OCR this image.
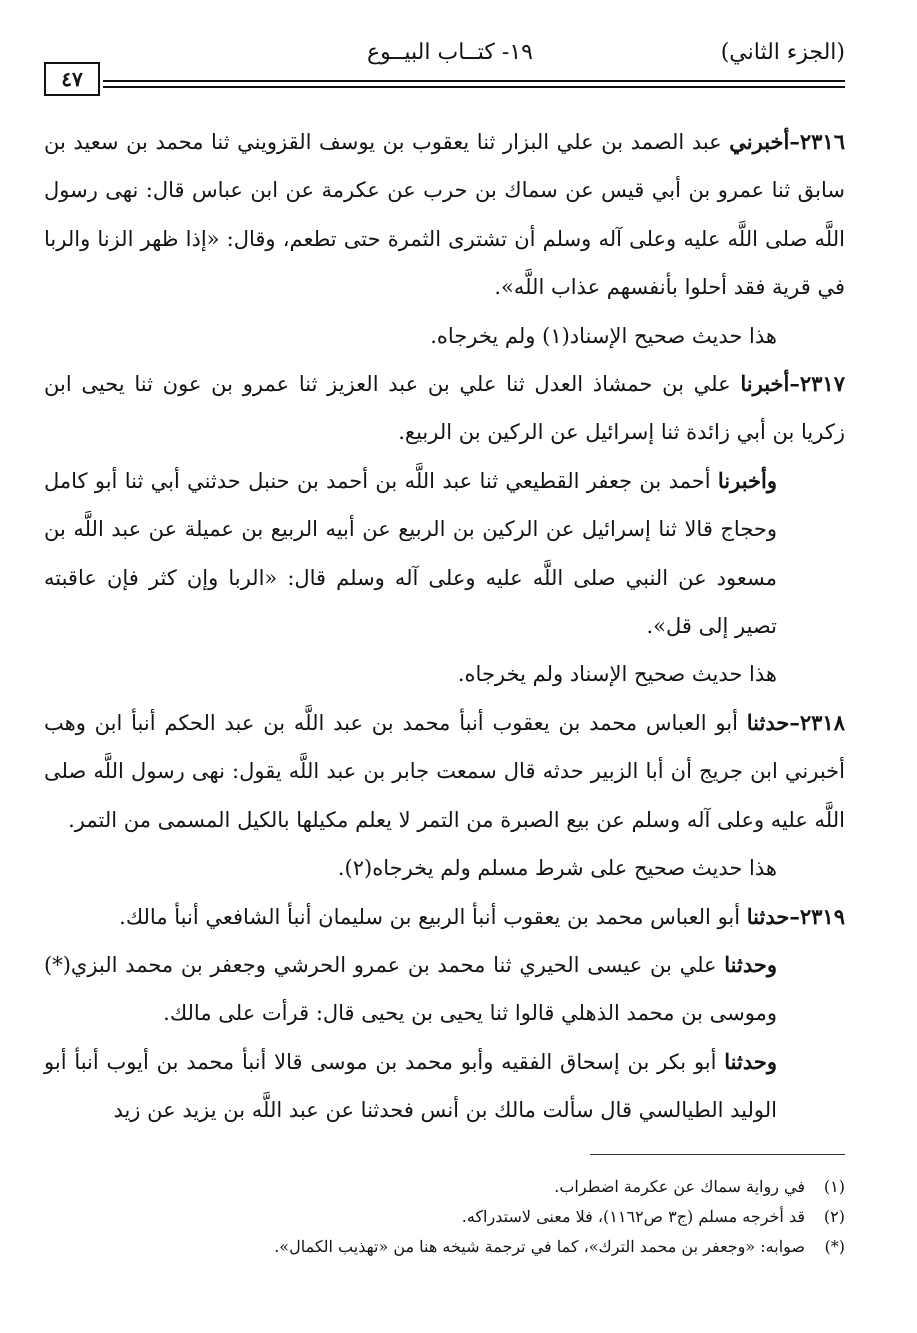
(الجزء الثاني)
١٩- كتــاب البيــوع
٤٧

٢٣١٦–أخبرني عبد الصمد بن علي البزار ثنا يعقوب بن يوسف القزويني ثنا محمد بن سعيد بن سابق ثنا عمرو بن أبي قيس عن سماك بن حرب عن عكرمة عن ابن عباس قال: نهى رسول اللَّه صلى اللَّه عليه وعلى آله وسلم أن تشترى الثمرة حتى تطعم، وقال: «إذا ظهر الزنا والربا في قرية فقد أحلوا بأنفسهم عذاب اللَّه».

هذا حديث صحيح الإسناد(١) ولم يخرجاه.

٢٣١٧–أخبرنا علي بن حمشاذ العدل ثنا علي بن عبد العزيز ثنا عمرو بن عون ثنا يحيى ابن زكريا بن أبي زائدة ثنا إسرائيل عن الركين بن الربيع.

وأخبرنا أحمد بن جعفر القطيعي ثنا عبد اللَّه بن أحمد بن حنبل حدثني أبي ثنا أبو كامل وحجاج قالا ثنا إسرائيل عن الركين بن الربيع عن أبيه الربيع بن عميلة عن عبد اللَّه بن مسعود عن النبي صلى اللَّه عليه وعلى آله وسلم قال: «الربا وإن كثر فإن عاقبته تصير إلى قل».

هذا حديث صحيح الإسناد ولم يخرجاه.

٢٣١٨–حدثنا أبو العباس محمد بن يعقوب أنبأ محمد بن عبد اللَّه بن عبد الحكم أنبأ ابن وهب أخبرني ابن جريج أن أبا الزبير حدثه قال سمعت جابر بن عبد اللَّه يقول: نهى رسول اللَّه صلى اللَّه عليه وعلى آله وسلم عن بيع الصبرة من التمر لا يعلم مكيلها بالكيل المسمى من التمر.

هذا حديث صحيح على شرط مسلم ولم يخرجاه(٢).

٢٣١٩–حدثنا أبو العباس محمد بن يعقوب أنبأ الربيع بن سليمان أنبأ الشافعي أنبأ مالك.

وحدثنا علي بن عيسى الحيري ثنا محمد بن عمرو الحرشي وجعفر بن محمد البزي(*) وموسى بن محمد الذهلي قالوا ثنا يحيى بن يحيى قال: قرأت على مالك.

وحدثنا أبو بكر بن إسحاق الفقيه وأبو محمد بن موسى قالا أنبأ محمد بن أيوب أنبأ أبو الوليد الطيالسي قال سألت مالك بن أنس فحدثنا عن عبد اللَّه بن يزيد عن زيد

(١)في رواية سماك عن عكرمة اضطراب.

(٢)قد أخرجه مسلم (ج٣ ص١١٦٢)، فلا معنى لاستدراكه.

(*)صوابه: «وجعفر بن محمد الترك»، كما في ترجمة شيخه هنا من «تهذيب الكمال».
